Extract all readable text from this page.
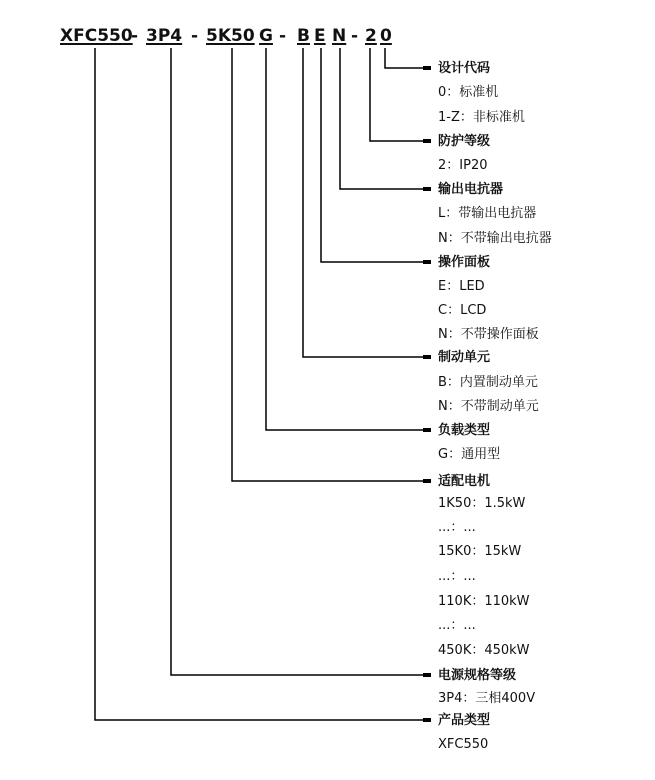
XFC550
- 3P4 - 5K50 G - B E N - 2 0
设计代码
0：标准机
1-Z：非标准机
防护等级
2：IP20
输出电抗器
L：带输出电抗器
N：不带输出电抗器
操作面板
E：LED
C：LCD
N：不带操作面板
制动单元
B：内置制动单元
N：不带制动单元
负载类型
G：通用型
适配电机
1K50：1.5kW
...：...
15K0：15kW
...：...
110K：110kW
...：...
450K：450kW
电源规格等级
3P4：三相400V
产品类型
XFC550
